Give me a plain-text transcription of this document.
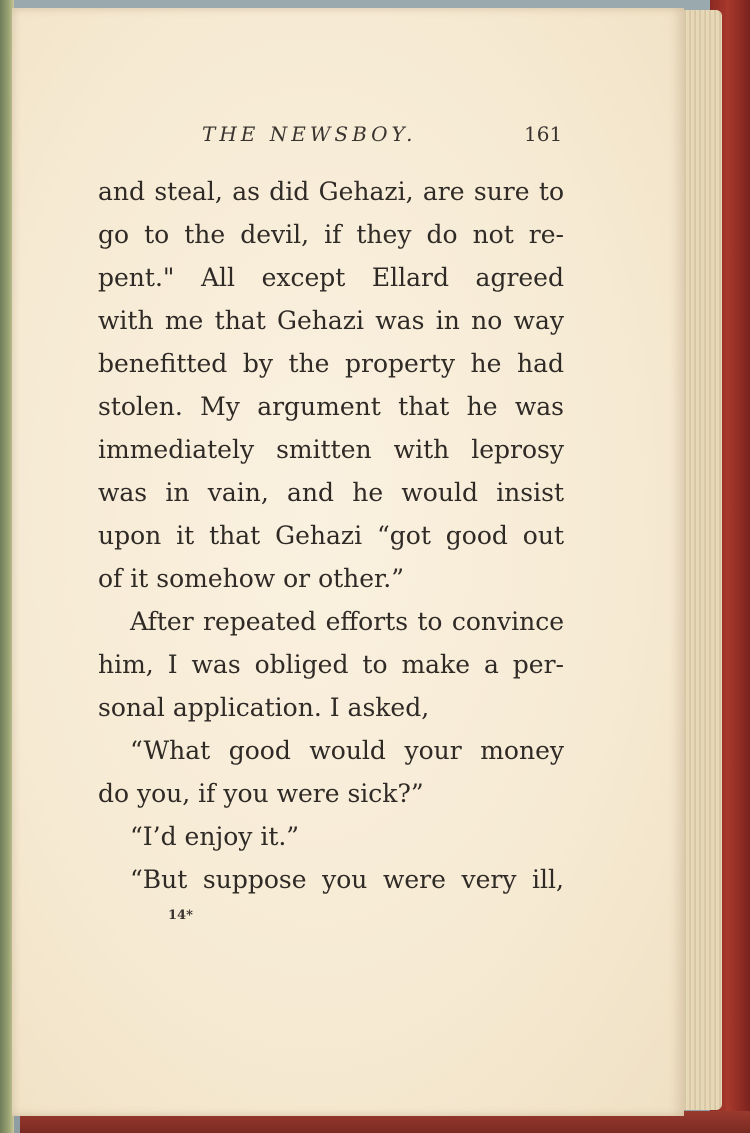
THE NEWSBOY.	161
and steal, as did Gehazi, are sure to
go to the devil, if they do not re-
pent." All except Ellard agreed
with me that Gehazi was in no way
benefitted by the property he had
stolen. My argument that he was
immediately smitten with leprosy
was in vain, and he would insist
upon it that Gehazi “got good out
of it somehow or other.”
After repeated efforts to convince
him, I was obliged to make a per-
sonal application. I asked,
“What good would your money
do you, if you were sick?”
“I’d enjoy it.”
“But suppose you were very ill,
14*
